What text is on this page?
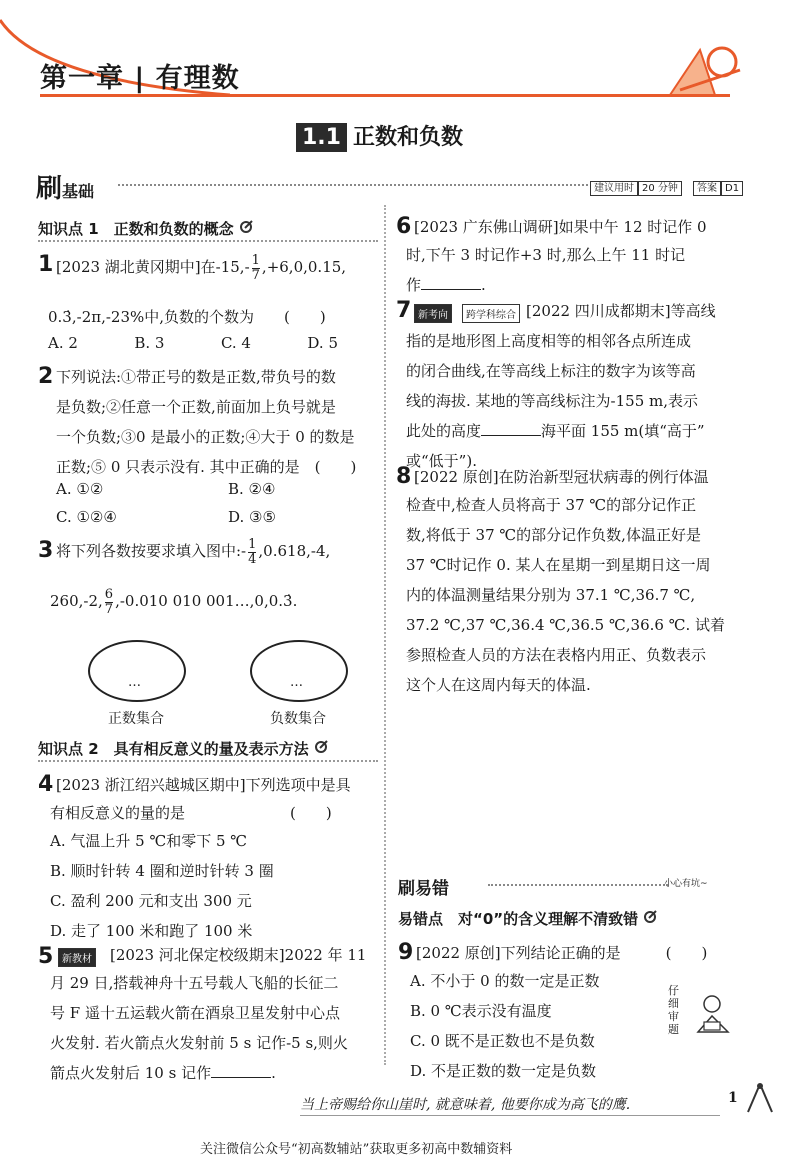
第一章 | 有理数
1.1 正数和负数
刷基础	建议用时 20 分钟 答案 D1
知识点 1　正数和负数的概念
1 [2023 湖北黄冈期中]在$-15,- \frac{1}{7} ,+6,0,0.15$,
0.3̇,-2π,-23%中,负数的个数为　　(　　)
A. 2	B. 3	C. 4	D. 5
2 下列说法:①带正号的数是正数,带负号的数
是负数;②任意一个正数,前面加上负号就是
一个负数;③0 是最小的正数;④大于 0 的数是
正数;⑤ 0 只表示没有. 其中正确的是　(　　)
A. ①②	B. ②④
C. ①②④	D. ③⑤
3 将下列各数按要求填入图中:- $\frac{1}{4} ,0.618,-4$,
260,-2, $\frac{6}{7} ,-0.010$ 010 001…,0,0.3̇.
…	…
正数集合	负数集合
知识点 2　具有相反意义的量及表示方法
4 [2023 浙江绍兴越城区期中]下列选项中是具
有相反意义的量的是　　　　　　　(　　)
A. 气温上升 5 ℃和零下 5 ℃
B. 顺时针转 4 圈和逆时针转 3 圈
C. 盈利 200 元和支出 300 元
D. 走了 100 米和跑了 100 米
5 新教材 [2023 河北保定校级期末]2022 年 11
月 29 日,搭载神舟十五号载人飞船的长征二
号 F 遥十五运载火箭在酒泉卫星发射中心点
火发射. 若火箭点火发射前 5 s 记作-5 s,则火
箭点火发射后 10 s 记作	.
6 [2023 广东佛山调研]如果中午 12 时记作 0
时,下午 3 时记作+3 时,那么上午 11 时记
作	.
7 新考向	跨学科综合 [2022 四川成都期末]等高线
指的是地形图上高度相等的相邻各点所连成
的闭合曲线,在等高线上标注的数字为该等高
线的海拔. 某地的等高线标注为-155 m,表示
此处的高度	海平面 155 m(填“高于”
或“低于”).
8 [2022 原创]在防治新型冠状病毒的例行体温
检查中,检查人员将高于 37 ℃的部分记作正
数,将低于 37 ℃的部分记作负数,体温正好是
37 ℃时记作 0. 某人在星期一到星期日这一周
内的体温测量结果分别为 37.1 ℃,36.7 ℃,
37.2 ℃,37 ℃,36.4 ℃,36.5 ℃,36.6 ℃. 试着
参照检查人员的方法在表格内用正、负数表示
这个人在这周内每天的体温.
刷易错	小心有坑~
易错点　对“0”的含义理解不清致错
9 [2022 原创]下列结论正确的是　　　(　　)
A. 不小于 0 的数一定是正数
B. 0 ℃表示没有温度
C. 0 既不是正数也不是负数
D. 不是正数的数一定是负数
仔细审题
当上帝赐给你山崖时, 就意味着, 他要你成为高飞的鹰.	1
关注微信公众号“初高数辅站”获取更多初高中数辅资料
